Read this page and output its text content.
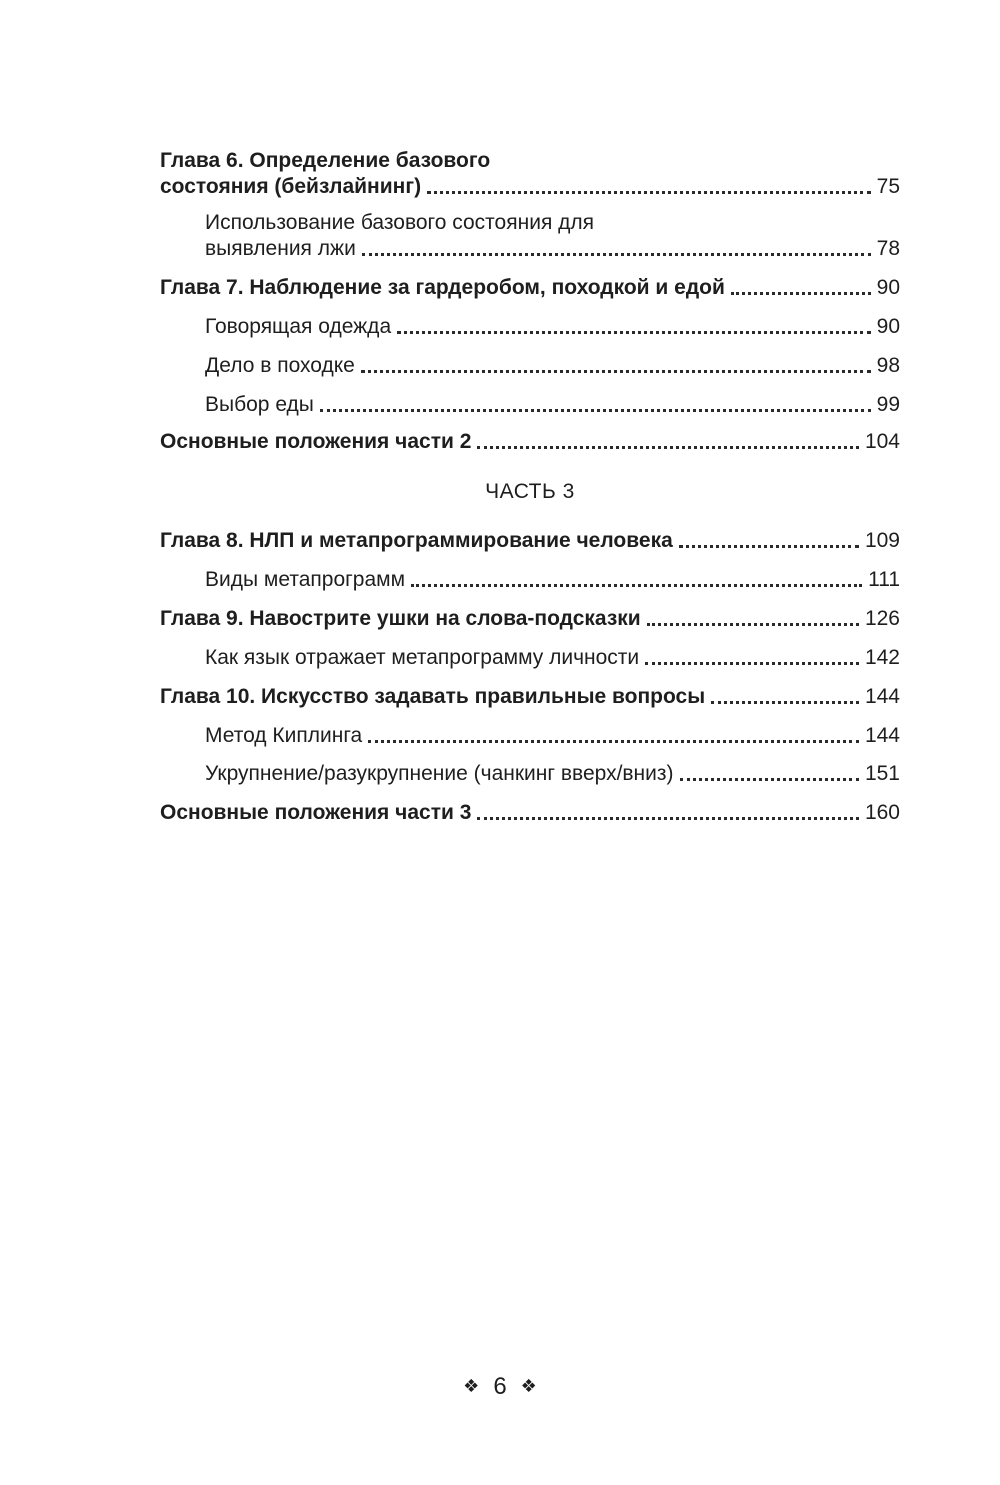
Глава 6. Определение базового
состояния (бейзлайнинг)	75
Использование базового состояния для
выявления лжи	78
Глава 7. Наблюдение за гардеробом, походкой и едой	90
Говорящая одежда	90
Дело в походке	98
Выбор еды	99
Основные положения части 2	104
ЧАСТЬ 3
Глава 8. НЛП и метапрограммирование человека	109
Виды метапрограмм	111
Глава 9. Навострите ушки на слова-подсказки	126
Как язык отражает метапрограмму личности	142
Глава 10. Искусство задавать правильные вопросы	144
Метод Киплинга	144
Укрупнение/разукрупнение (чанкинг вверх/вниз)	151
Основные положения части 3	160
❖ 6 ❖
